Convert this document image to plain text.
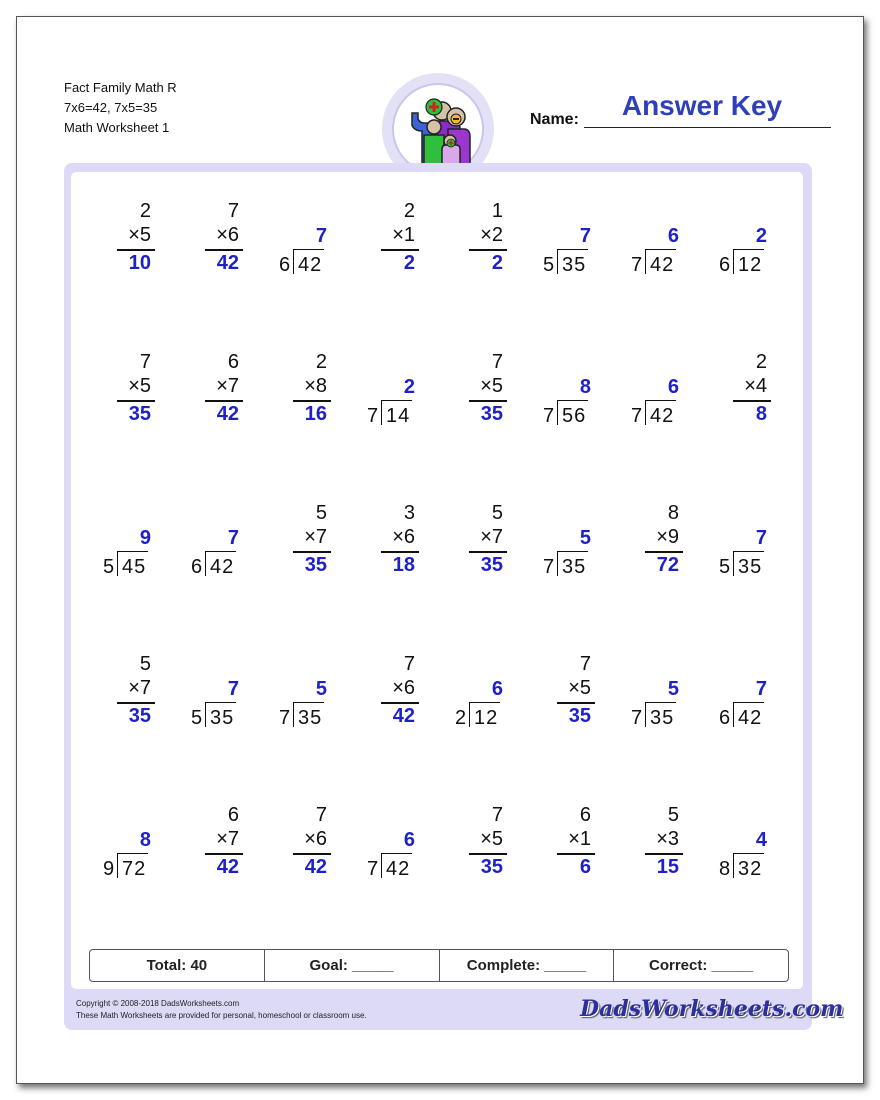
Fact Family Math R
7x6=42, 7x5=35
Math Worksheet 1	Name:	Answer Key
2
×5
10
7
×6
42
7
6 42
2
×1
2
1
×2
2
7
5 35
6
7 42
2
6 12
7
×5
35
6
×7
42
2
×8
16
2
7 14
7
×5
35
8
7 56
6
7 42
2
×4
8
9
5 45
7
6 42
5
×7
35
3
×6
18
5
×7
35
5
7 35
8
×9
72
7
5 35
5
×7
35
7
5 35
5
7 35
7
×6
42
6
2 12
7
×5
35
5
7 35
7
6 42
8
9 72
6
×7
42
7
×6
42
6
7 42
7
×5
35
6
×1
6
5
×3
15
4
8 32
Total: 40	Goal: _____	Complete: _____	Correct: _____
Copyright © 2008-2018 DadsWorksheets.com
These Math Worksheets are provided for personal, homeschool or classroom use.	DadsWorksheets.com
